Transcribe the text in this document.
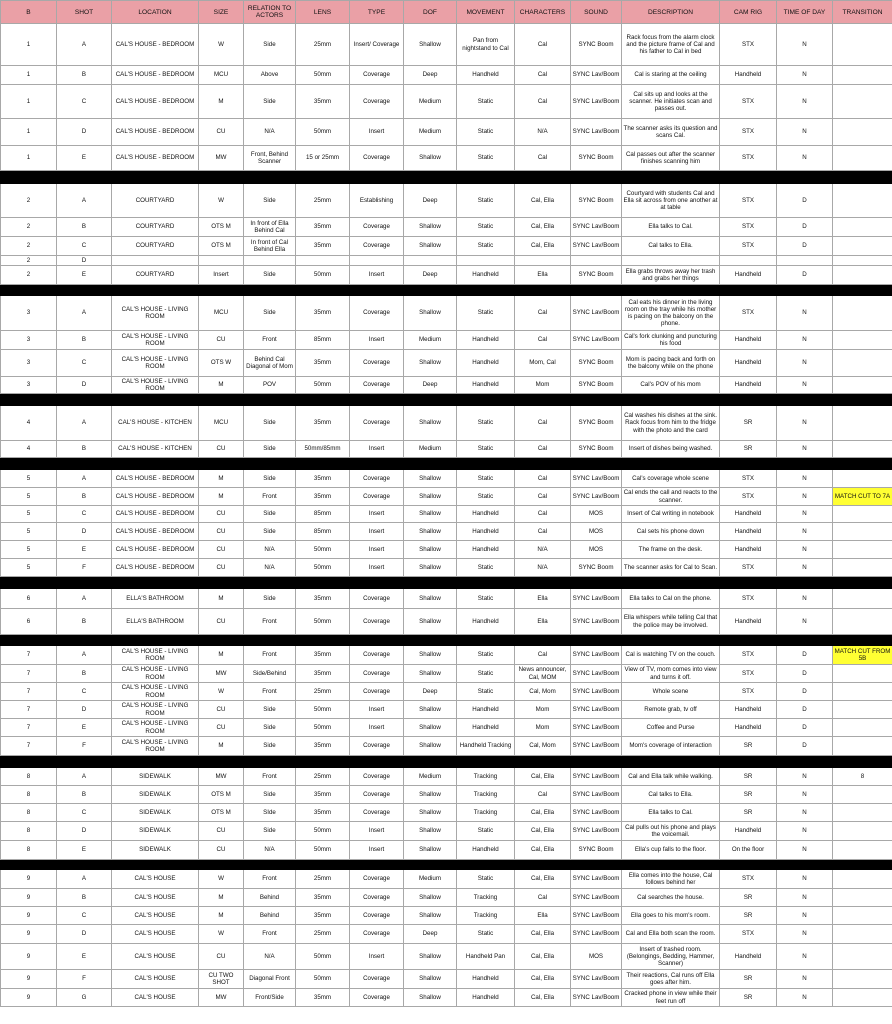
B	SHOT	LOCATION	SIZE	RELATION TO ACTORS	LENS	TYPE	DOF	MOVEMENT	CHARACTERS	SOUND	DESCRIPTION	CAM RIG	TIME OF DAY	TRANSITION
1	A	CAL'S HOUSE - BEDROOM	W	Side	25mm	Insert/ Coverage	Shallow	Pan from nightstand to Cal	Cal	SYNC Boom	Rack focus from the alarm clock and the picture frame of Cal and his father to Cal in bed	STX	N	
1	B	CAL'S HOUSE - BEDROOM	MCU	Above	50mm	Coverage	Deep	Handheld	Cal	SYNC Lav/Boom	Cal is staring at the ceiling	Handheld	N	
1	C	CAL'S HOUSE - BEDROOM	M	Side	35mm	Coverage	Medium	Static	Cal	SYNC Lav/Boom	Cal sits up and looks at the scanner. He initiates scan and passes out.	STX	N	
1	D	CAL'S HOUSE - BEDROOM	CU	N/A	50mm	Insert	Medium	Static	N/A	SYNC Lav/Boom	The scanner asks its question and scans Cal.	STX	N	
1	E	CAL'S HOUSE - BEDROOM	MW	Front, Behind Scanner	15 or 25mm	Coverage	Shallow	Static	Cal	SYNC Boom	Cal passes out after the scanner finishes scanning him	STX	N	

2	A	COURTYARD	W	Side	25mm	Establishing	Deep	Static	Cal, Ella	SYNC Boom	Courtyard with students Cal and Ella sit across from one another at at table	STX	D	
2	B	COURTYARD	OTS M	In front of Ella Behind Cal	35mm	Coverage	Shallow	Static	Cal, Ella	SYNC Lav/Boom	Ella talks to Cal.	STX	D	
2	C	COURTYARD	OTS M	In front of Cal Behind Ella	35mm	Coverage	Shallow	Static	Cal, Ella	SYNC Lav/Boom	Cal talks to Ella.	STX	D	
2	D													
2	E	COURTYARD	Insert	Side	50mm	Insert	Deep	Handheld	Ella	SYNC Boom	Ella grabs throws away her trash and grabs her things	Handheld	D	

3	A	CAL'S HOUSE - LIVING ROOM	MCU	Side	35mm	Coverage	Shallow	Static	Cal	SYNC Lav/Boom	Cal eats his dinner in the living room on the tray while his mother is pacing on the balcony on the phone.	STX	N	
3	B	CAL'S HOUSE - LIVING ROOM	CU	Front	85mm	Insert	Medium	Handheld	Cal	SYNC Lav/Boom	Cal's fork clunking and puncturing his food	Handheld	N	
3	C	CAL'S HOUSE - LIVING ROOM	OTS W	Behind Cal Diagonal of Mom	35mm	Coverage	Shallow	Handheld	Mom, Cal	SYNC Boom	Mom is pacing back and forth on the balcony while on the phone	Handheld	N	
3	D	CAL'S HOUSE - LIVING ROOM	M	POV	50mm	Coverage	Deep	Handheld	Mom	SYNC Boom	Cal's POV of his mom	Handheld	N	

4	A	CAL'S HOUSE - KITCHEN	MCU	Side	35mm	Coverage	Shallow	Static	Cal	SYNC Boom	Cal washes his dishes at the sink. Rack focus from him to the fridge with the photo and the card	SR	N	
4	B	CAL'S HOUSE - KITCHEN	CU	Side	50mm/85mm	Insert	Medium	Static	Cal	SYNC Boom	Insert of dishes being washed.	SR	N	

5	A	CAL'S HOUSE - BEDROOM	M	Side	35mm	Coverage	Shallow	Static	Cal	SYNC Lav/Boom	Cal's coverage whole scene	STX	N	
5	B	CAL'S HOUSE - BEDROOM	M	Front	35mm	Coverage	Shallow	Static	Cal	SYNC Lav/Boom	Cal ends the call and reacts to the scanner.	STX	N	MATCH CUT TO 7A
5	C	CAL'S HOUSE - BEDROOM	CU	Side	85mm	Insert	Shallow	Handheld	Cal	MOS	Insert of Cal writing in notebook	Handheld	N	
5	D	CAL'S HOUSE - BEDROOM	CU	Side	85mm	Insert	Shallow	Handheld	Cal	MOS	Cal sets his phone down	Handheld	N	
5	E	CAL'S HOUSE - BEDROOM	CU	N/A	50mm	Insert	Shallow	Handheld	N/A	MOS	The frame on the desk.	Handheld	N	
5	F	CAL'S HOUSE - BEDROOM	CU	N/A	50mm	Insert	Shallow	Static	N/A	SYNC Boom	The scanner asks for Cal to Scan.	STX	N	

6	A	ELLA'S BATHROOM	M	Side	35mm	Coverage	Shallow	Static	Ella	SYNC Lav/Boom	Ella talks to Cal on the phone.	STX	N	
6	B	ELLA'S BATHROOM	CU	Front	50mm	Coverage	Shallow	Handheld	Ella	SYNC Lav/Boom	Ella whispers while telling Cal that the police may be involved.	Handheld	N	

7	A	CAL'S HOUSE - LIVING ROOM	M	Front	35mm	Coverage	Shallow	Static	Cal	SYNC Lav/Boom	Cal is watching TV on the couch.	STX	D	MATCH CUT FROM 5B
7	B	CAL'S HOUSE - LIVING ROOM	MW	Side/Behind	35mm	Coverage	Shallow	Static	News announcer, Cal, MOM	SYNC Lav/Boom	View of TV, mom comes into view and turns it off.	STX	D	
7	C	CAL'S HOUSE - LIVING ROOM	W	Front	25mm	Coverage	Deep	Static	Cal, Mom	SYNC Lav/Boom	Whole scene	STX	D	
7	D	CAL'S HOUSE - LIVING ROOM	CU	Side	50mm	Insert	Shallow	Handheld	Mom	SYNC Lav/Boom	Remote grab, tv off	Handheld	D	
7	E	CAL'S HOUSE - LIVING ROOM	CU	Side	50mm	Insert	Shallow	Handheld	Mom	SYNC Lav/Boom	Coffee and Purse	Handheld	D	
7	F	CAL'S HOUSE - LIVING ROOM	M	Side	35mm	Coverage	Shallow	Handheld Tracking	Cal, Mom	SYNC Lav/Boom	Mom's coverage of interaction	SR	D	

8	A	SIDEWALK	MW	Front	25mm	Coverage	Medium	Tracking	Cal, Ella	SYNC Lav/Boom	Cal and Ella talk while walking.	SR	N	8
8	B	SIDEWALK	OTS M	Side	35mm	Coverage	Shallow	Tracking	Cal	SYNC Lav/Boom	Cal talks to Ella.	SR	N	
8	C	SIDEWALK	OTS M	SIde	35mm	Coverage	Shallow	Tracking	Cal, Ella	SYNC Lav/Boom	Ella talks to Cal.	SR	N	
8	D	SIDEWALK	CU	Side	50mm	Insert	Shallow	Static	Cal, Ella	SYNC Lav/Boom	Cal pulls out his phone and plays the voicemail.	Handheld	N	
8	E	SIDEWALK	CU	N/A	50mm	Insert	Shallow	Handheld	Cal, Ella	SYNC Boom	Ella's cup falls to the floor.	On the floor	N	

9	A	CAL'S HOUSE	W	Front	25mm	Coverage	Medium	Static	Cal, Ella	SYNC Lav/Boom	Ella comes into the house, Cal follows behind her	STX	N	
9	B	CAL'S HOUSE	M	Behind	35mm	Coverage	Shallow	Tracking	Cal	SYNC Lav/Boom	Cal searches the house.	SR	N	
9	C	CAL'S HOUSE	M	Behind	35mm	Coverage	Shallow	Tracking	Ella	SYNC Lav/Boom	Ella goes to his mom's room.	SR	N	
9	D	CAL'S HOUSE	W	Front	25mm	Coverage	Deep	Static	Cal, Ella	SYNC Lav/Boom	Cal and Ella both scan the room.	STX	N	
9	E	CAL'S HOUSE	CU	N/A	50mm	Insert	Shallow	Handheld Pan	Cal, Ella	MOS	Insert of trashed room. (Belongings, Bedding, Hammer, Scanner)	Handheld	N	
9	F	CAL'S HOUSE	CU TWO SHOT	Diagonal Front	50mm	Coverage	Shallow	Handheld	Cal, Ella	SYNC Lav/Boom	Their reactions, Cal runs off Ella goes after him.	SR	N	
9	G	CAL'S HOUSE	MW	Front/Side	35mm	Coverage	Shallow	Handheld	Cal, Ella	SYNC Lav/Boom	Cracked phone in view while their feet run off	SR	N	
